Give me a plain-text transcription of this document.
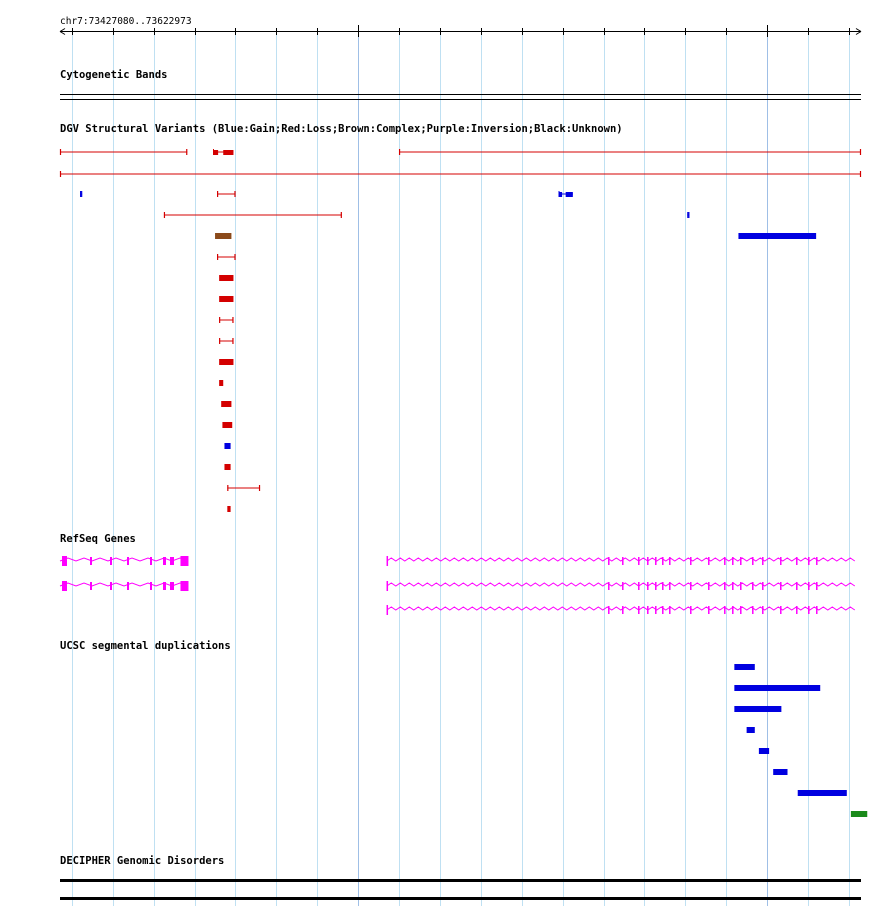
chr7:73427080..73622973
Cytogenetic Bands
DGV Structural Variants (Blue:Gain;Red:Loss;Brown:Complex;Purple:Inversion;Black:Unknown)
RefSeq Genes
UCSC segmental duplications
DECIPHER Genomic Disorders
